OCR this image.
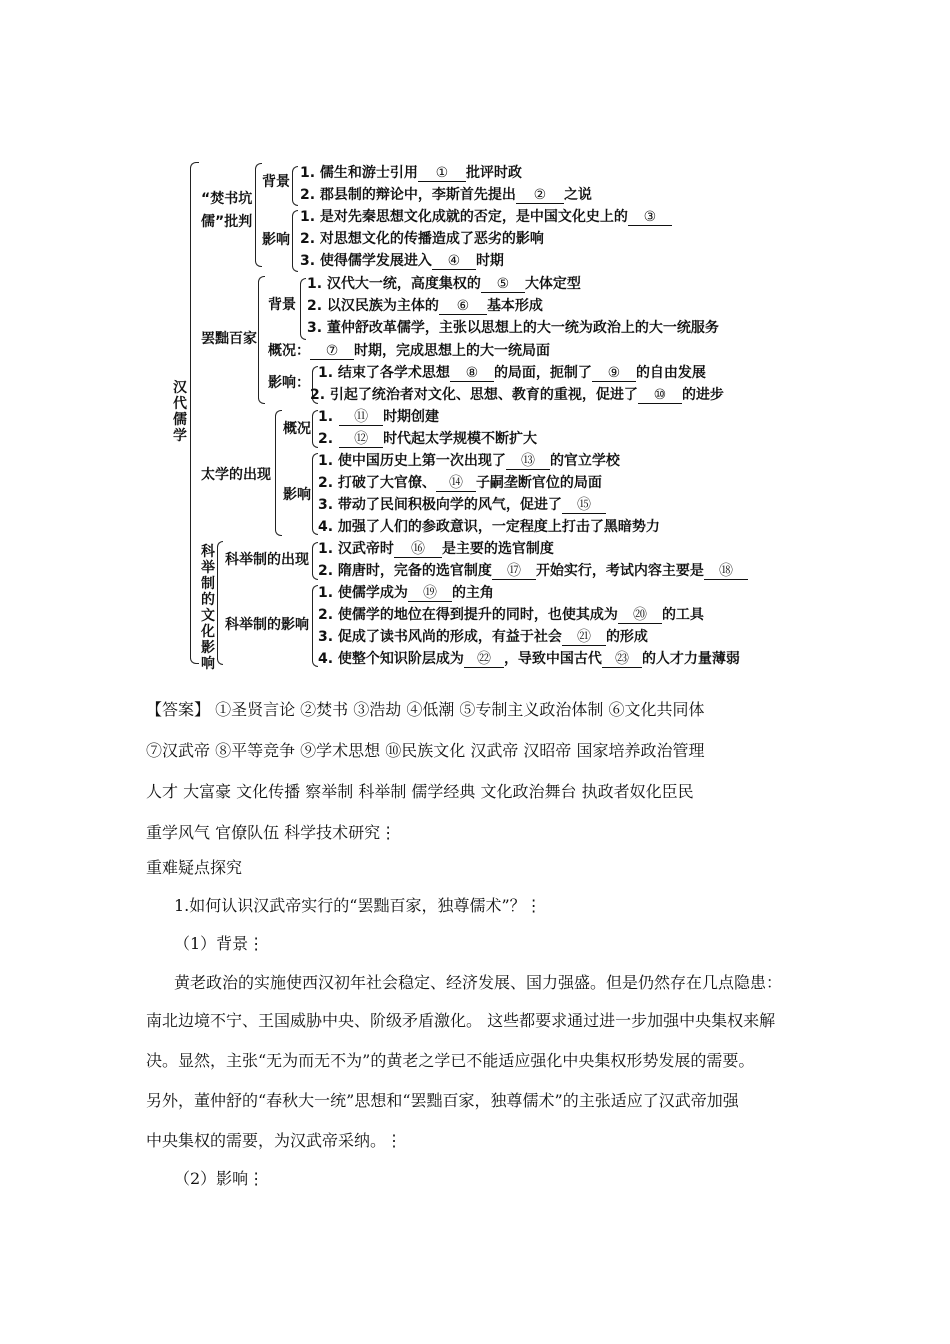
汉代儒学
“焚书坑
儒”批判
背景
1. 儒生和游士引用 ① 批评时政
2. 郡县制的辩论中，李斯首先提出 ② 之说
影响
1. 是对先秦思想文化成就的否定，是中国文化史上的 ③
2. 对思想文化的传播造成了恶劣的影响
3. 使得儒学发展进入 ④ 时期
罢黜百家
背景
1. 汉代大一统，高度集权的 ⑤ 大体定型
2. 以汉民族为主体的 ⑥ 基本形成
3. 董仲舒改革儒学，主张以思想上的大一统为政治上的大一统服务
概况： ⑦ 时期，完成思想上的大一统局面
影响：
1. 结束了各学术思想 ⑧ 的局面，扼制了 ⑨ 的自由发展
2. 引起了统治者对文化、思想、教育的重视，促进了 ⑩ 的进步
太学的出现
概况
1. ⑪ 时期创建
2. ⑫ 时代起太学规模不断扩大
影响
1. 使中国历史上第一次出现了 ⑬ 的官立学校
2. 打破了大官僚、 ⑭ 子嗣垄断官位的局面
3. 带动了民间积极向学的风气，促进了 ⑮
4. 加强了人们的参政意识，一定程度上打击了黑暗势力
科举制的文化影响
科举制的出现
1. 汉武帝时 ⑯ 是主要的选官制度
2. 隋唐时，完备的选官制度 ⑰ 开始实行，考试内容主要是 ⑱
科举制的影响
1. 使儒学成为 ⑲ 的主角
2. 使儒学的地位在得到提升的同时，也使其成为 ⑳ 的工具
3. 促成了读书风尚的形成，有益于社会 ㉑ 的形成
4. 使整个知识阶层成为 ㉒ ，导致中国古代 ㉓ 的人才力量薄弱
【答案】 ①圣贤言论 ②焚书 ③浩劫 ④低潮 ⑤专制主义政治体制 ⑥文化共同体
⑦汉武帝 ⑧平等竞争 ⑨学术思想 ⑩民族文化 汉武帝 汉昭帝 国家培养政治管理
人才 大富豪 文化传播 察举制 科举制 儒学经典 文化政治舞台 执政者奴化臣民
重学风气 官僚队伍 科学技术研究⋮
重难疑点探究
1.如何认识汉武帝实行的“罢黜百家，独尊儒术”？⋮
（1）背景⋮
黄老政治的实施使西汉初年社会稳定、经济发展、国力强盛。但是仍然存在几点隐患：
南北边境不宁、王国威胁中央、阶级矛盾激化。 这些都要求通过进一步加强中央集权来解
决。显然，主张“无为而无不为”的黄老之学已不能适应强化中央集权形势发展的需要。
另外，董仲舒的“春秋大一统”思想和“罢黜百家，独尊儒术”的主张适应了汉武帝加强
中央集权的需要，为汉武帝采纳。⋮
（2）影响⋮
